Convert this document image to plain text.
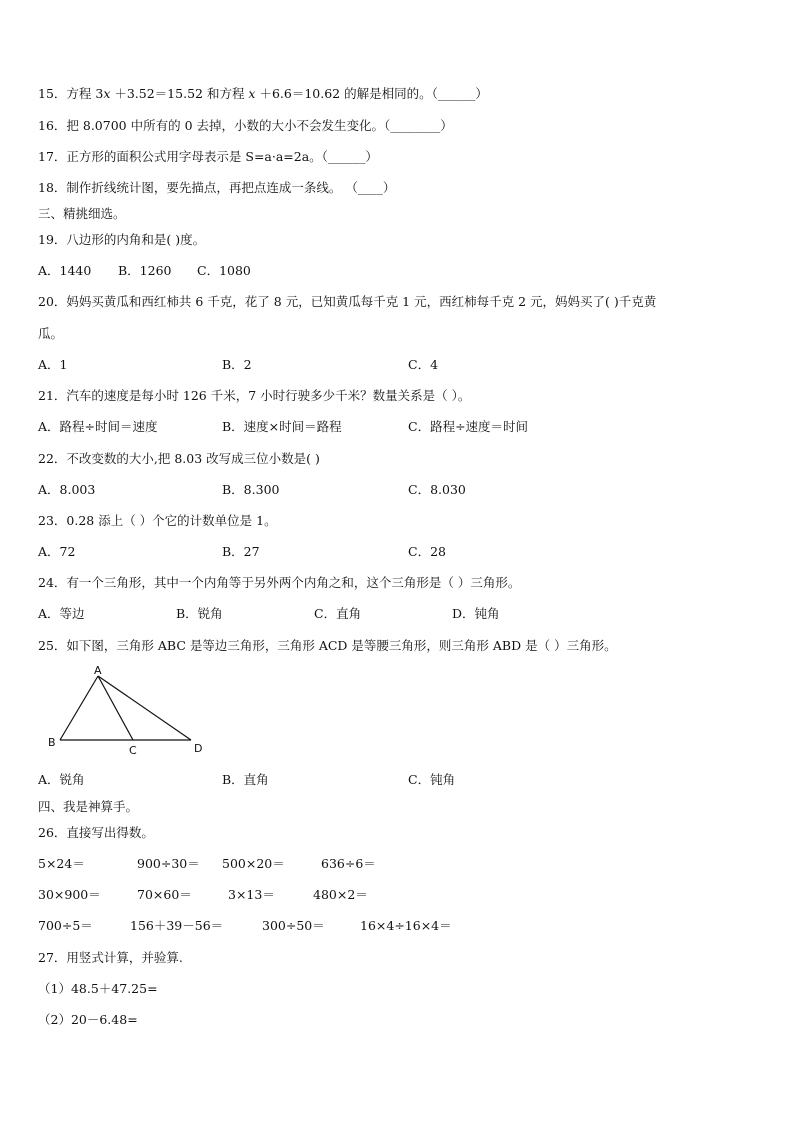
15．方程 3𝑥 ＋3.52＝15.52 和方程 𝑥 ＋6.6＝10.62 的解是相同的。（______）
16．把 8.0700 中所有的 0 去掉，小数的大小不会发生变化。（________）
17．正方形的面积公式用字母表示是 S=a·a=2a。（______）
18．制作折线统计图，要先描点，再把点连成一条线。 （____）
三、精挑细选。
19．八边形的内角和是( )度。
A．1440 B．1260 C．1080
20．妈妈买黄瓜和西红柿共 6 千克，花了 8 元，已知黄瓜每千克 1 元，西红柿每千克 2 元，妈妈买了( )千克黄
瓜。
A．1	B．2	C．4
21．汽车的速度是每小时 126 千米，7 小时行驶多少千米？数量关系是（ ）。
A．路程÷时间＝速度	B．速度×时间＝路程	C．路程÷速度＝时间
22．不改变数的大小,把 8.03 改写成三位小数是( )
A．8.003	B．8.300	C．8.030
23．0.28 添上（ ）个它的计数单位是 1。
A．72	B．27	C．28
24．有一个三角形，其中一个内角等于另外两个内角之和，这个三角形是（ ）三角形。
A．等边	B．锐角	C．直角	D．钝角
25．如下图，三角形 ABC 是等边三角形，三角形 ACD 是等腰三角形，则三角形 ABD 是（ ）三角形。
A
B
C	D
A．锐角	B．直角	C．钝角
四、我是神算手。
26．直接写出得数。
5×24＝	900÷30＝ 500×20＝	636÷6＝
30×900＝	70×60＝	3×13＝	480×2＝
700÷5＝	156＋39－56＝	300÷50＝	16×4÷16×4＝
27．用竖式计算，并验算.
（1）48.5＋47.25=
（2）20－6.48=
